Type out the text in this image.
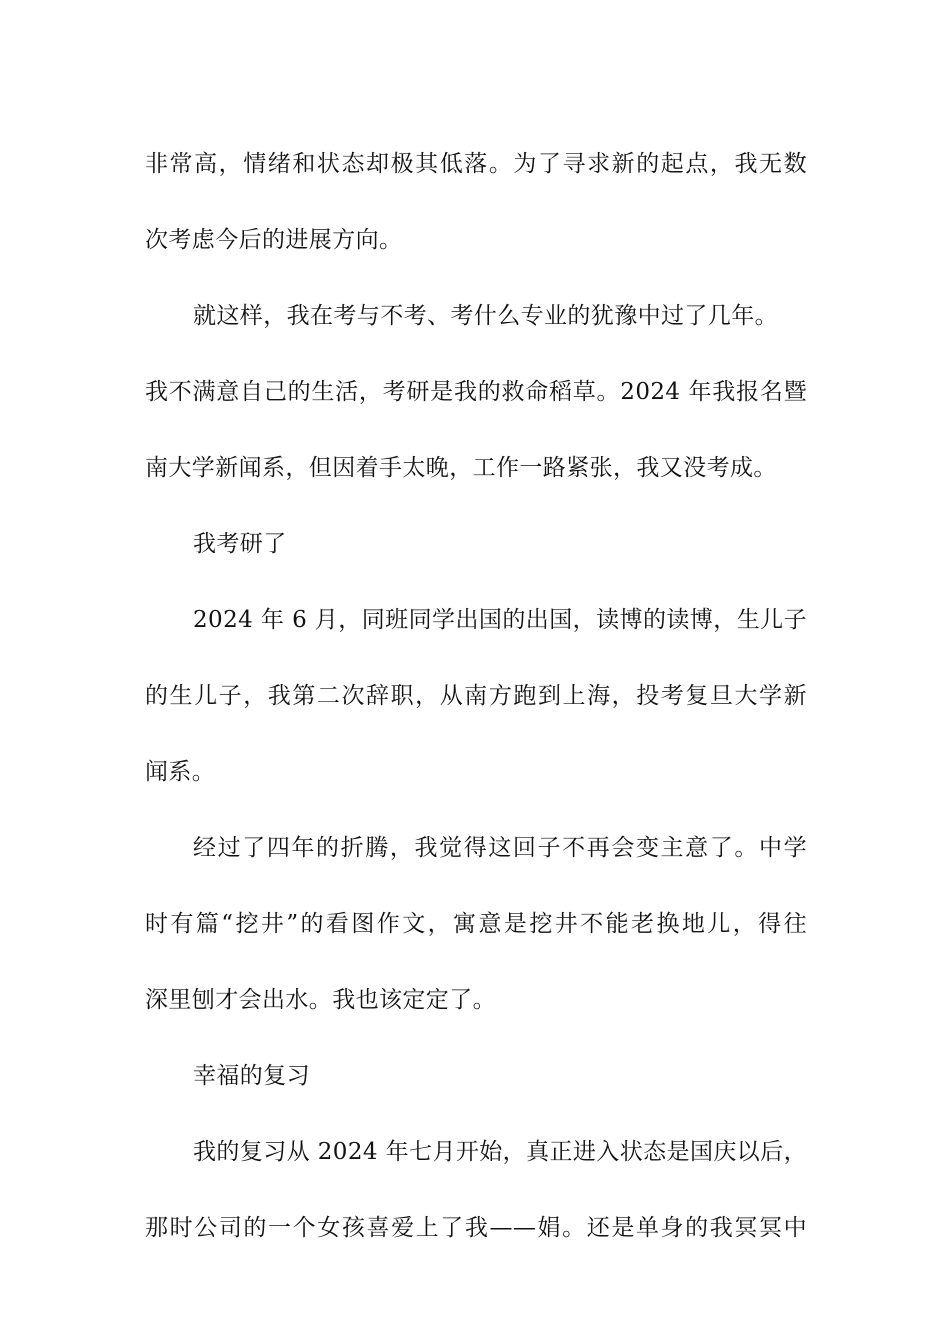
非常高，情绪和状态却极其低落。为了寻求新的起点，我无数
次考虑今后的进展方向。

就这样，我在考与不考、考什么专业的犹豫中过了几年。
我不满意自己的生活，考研是我的救命稻草。2024 年我报名暨
南大学新闻系，但因着手太晚，工作一路紧张，我又没考成。

我考研了

2024 年 6 月，同班同学出国的出国，读博的读博，生儿子
的生儿子，我第二次辞职，从南方跑到上海，投考复旦大学新
闻系。

经过了四年的折腾，我觉得这回子不再会变主意了。中学
时有篇“挖井”的看图作文，寓意是挖井不能老换地儿，得往
深里刨才会出水。我也该定定了。

幸福的复习

我的复习从 2024 年七月开始，真正进入状态是国庆以后，
那时公司的一个女孩喜爱上了我——娟。还是单身的我冥冥中
